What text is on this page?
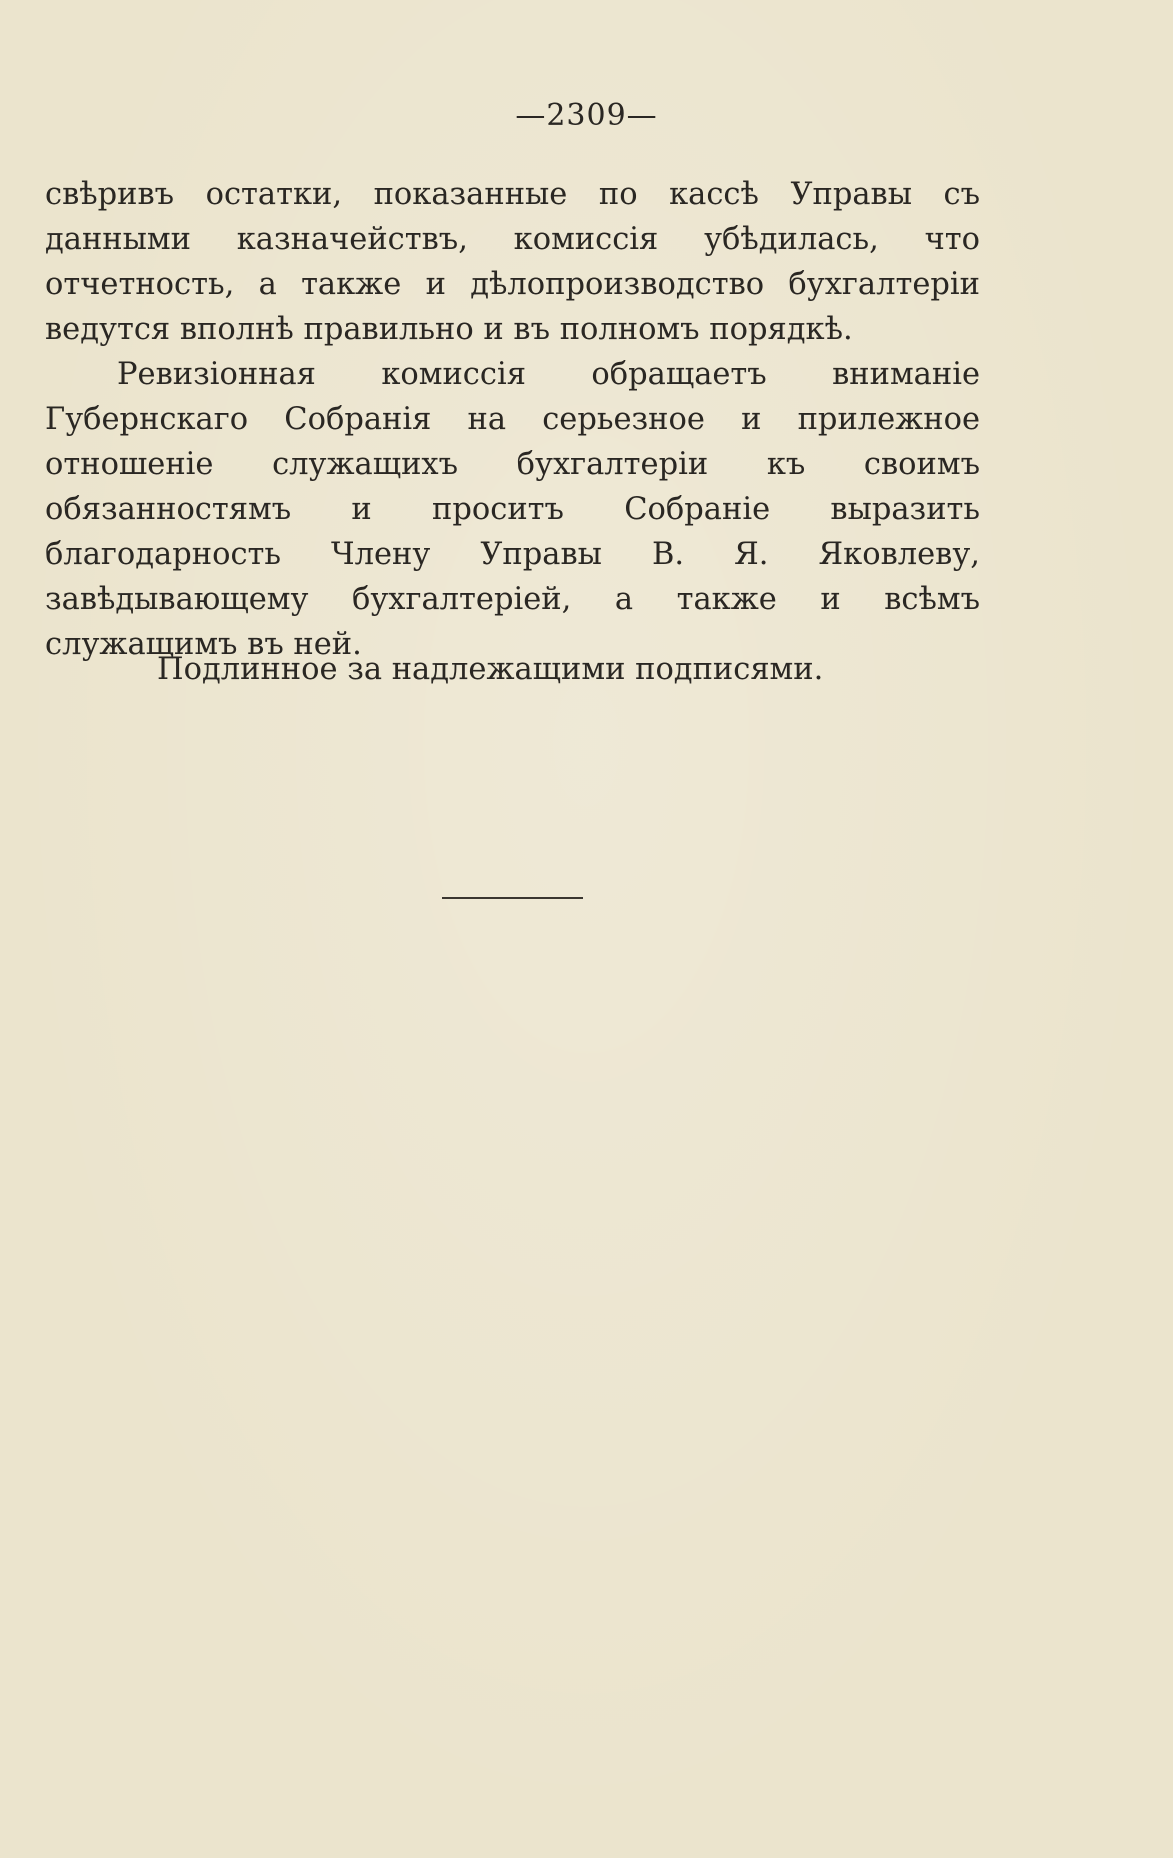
—2309—

свѣривъ остатки, показанные по кассѣ Управы съ данными казначействъ, комиссія убѣдилась, что отчетность, а также и дѣлопроизводство бухгалтеріи ведутся вполнѣ правильно и въ полномъ порядкѣ.

Ревизіонная комиссія обращаетъ вниманіе Губернскаго Собранія на серьезное и прилежное отношеніе служащихъ бухгалтеріи къ своимъ обязанностямъ и проситъ Собраніе выразить благодарность Члену Управы В. Я. Яковлеву, завѣдывающему бухгалтеріей, а также и всѣмъ служащимъ въ ней.

Подлинное за надлежащими подписями.
